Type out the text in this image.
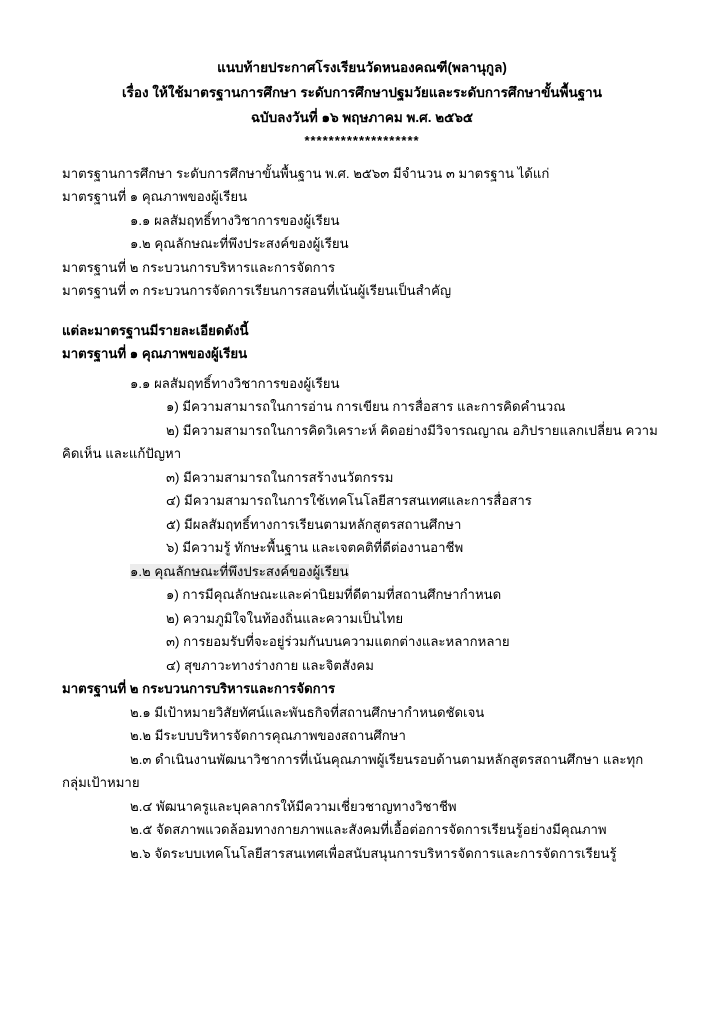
แนบท้ายประกาศโรงเรียนวัดหนองคณฑี(พลานุกูล)
เรื่อง ให้ใช้มาตรฐานการศึกษา ระดับการศึกษาปฐมวัยและระดับการศึกษาขั้นพื้นฐาน
ฉบับลงวันที่ ๑๖ พฤษภาคม พ.ศ. ๒๕๖๕
*******************
มาตรฐานการศึกษา ระดับการศึกษาขั้นพื้นฐาน พ.ศ. ๒๕๖๓ มีจำนวน ๓ มาตรฐาน ได้แก่
มาตรฐานที่ ๑ คุณภาพของผู้เรียน
๑.๑ ผลสัมฤทธิ์ทางวิชาการของผู้เรียน
๑.๒ คุณลักษณะที่พึงประสงค์ของผู้เรียน
มาตรฐานที่ ๒ กระบวนการบริหารและการจัดการ
มาตรฐานที่ ๓ กระบวนการจัดการเรียนการสอนที่เน้นผู้เรียนเป็นสำคัญ
แต่ละมาตรฐานมีรายละเอียดดังนี้
มาตรฐานที่ ๑ คุณภาพของผู้เรียน
๑.๑ ผลสัมฤทธิ์ทางวิชาการของผู้เรียน
๑) มีความสามารถในการอ่าน การเขียน การสื่อสาร และการคิดคำนวณ
๒) มีความสามารถในการคิดวิเคราะห์ คิดอย่างมีวิจารณญาณ อภิปรายแลกเปลี่ยน ความ
คิดเห็น และแก้ปัญหา
๓) มีความสามารถในการสร้างนวัตกรรม
๔) มีความสามารถในการใช้เทคโนโลยีสารสนเทศและการสื่อสาร
๕) มีผลสัมฤทธิ์ทางการเรียนตามหลักสูตรสถานศึกษา
๖) มีความรู้ ทักษะพื้นฐาน และเจตคติที่ดีต่องานอาชีพ
๑.๒ คุณลักษณะที่พึงประสงค์ของผู้เรียน
๑) การมีคุณลักษณะและค่านิยมที่ดีตามที่สถานศึกษากำหนด
๒) ความภูมิใจในท้องถิ่นและความเป็นไทย
๓) การยอมรับที่จะอยู่ร่วมกันบนความแตกต่างและหลากหลาย
๔) สุขภาวะทางร่างกาย และจิตสังคม
มาตรฐานที่ ๒ กระบวนการบริหารและการจัดการ
๒.๑ มีเป้าหมายวิสัยทัศน์และพันธกิจที่สถานศึกษากำหนดชัดเจน
๒.๒ มีระบบบริหารจัดการคุณภาพของสถานศึกษา
๒.๓ ดำเนินงานพัฒนาวิชาการที่เน้นคุณภาพผู้เรียนรอบด้านตามหลักสูตรสถานศึกษา และทุก
กลุ่มเป้าหมาย
๒.๔ พัฒนาครูและบุคลากรให้มีความเชี่ยวชาญทางวิชาชีพ
๒.๕ จัดสภาพแวดล้อมทางกายภาพและสังคมที่เอื้อต่อการจัดการเรียนรู้อย่างมีคุณภาพ
๒.๖ จัดระบบเทคโนโลยีสารสนเทศเพื่อสนับสนุนการบริหารจัดการและการจัดการเรียนรู้
